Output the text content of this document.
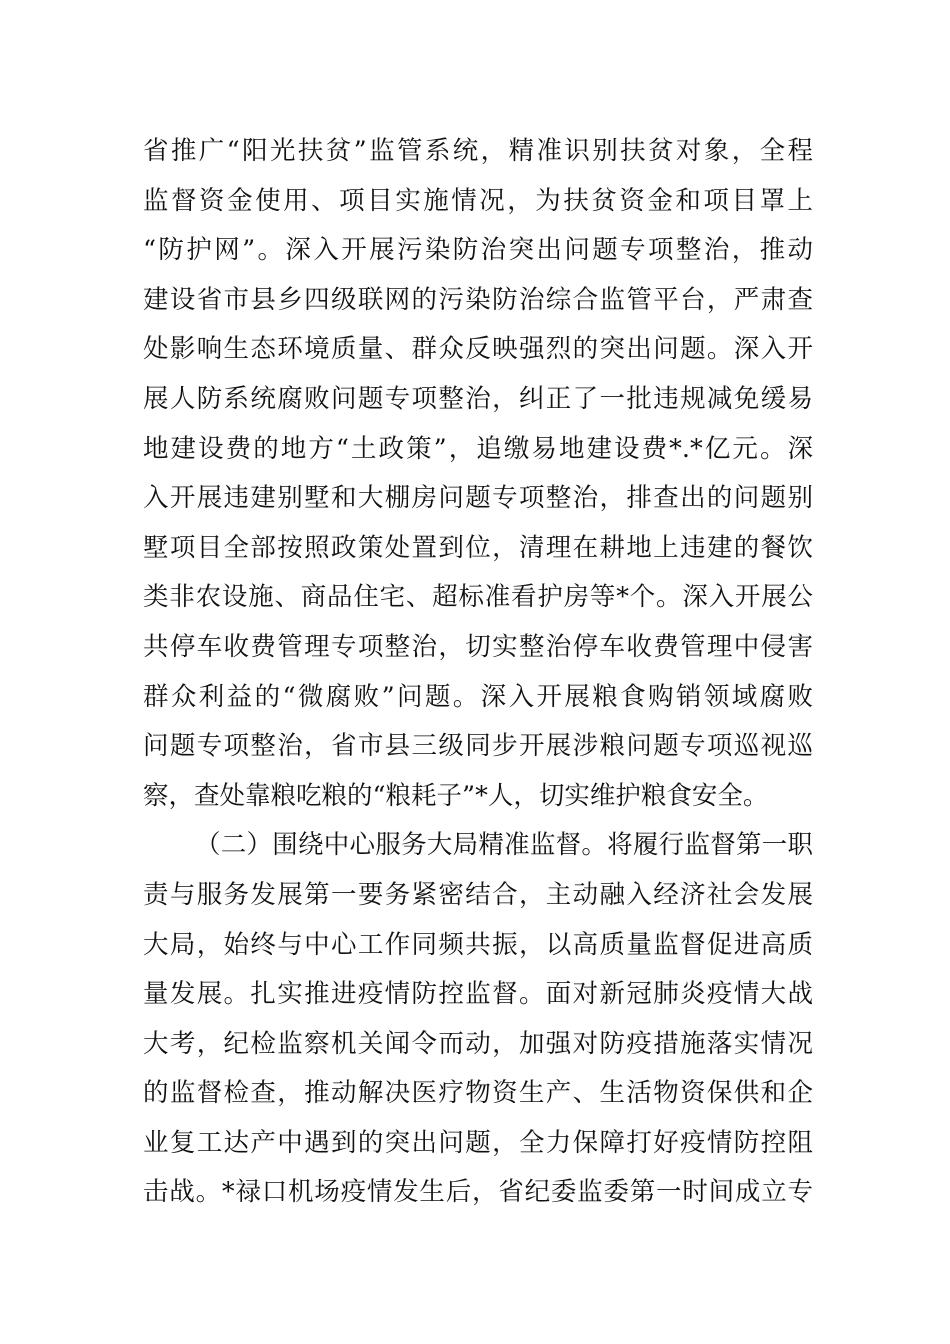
省推广“阳光扶贫”监管系统，精准识别扶贫对象，全程
监督资金使用、项目实施情况，为扶贫资金和项目罩上
“防护网”。深入开展污染防治突出问题专项整治，推动
建设省市县乡四级联网的污染防治综合监管平台，严肃查
处影响生态环境质量、群众反映强烈的突出问题。深入开
展人防系统腐败问题专项整治，纠正了一批违规减免缓易
地建设费的地方“土政策”，追缴易地建设费*.*亿元。深
入开展违建别墅和大棚房问题专项整治，排查出的问题别
墅项目全部按照政策处置到位，清理在耕地上违建的餐饮
类非农设施、商品住宅、超标准看护房等*个。深入开展公
共停车收费管理专项整治，切实整治停车收费管理中侵害
群众利益的“微腐败”问题。深入开展粮食购销领域腐败
问题专项整治，省市县三级同步开展涉粮问题专项巡视巡
察，查处靠粮吃粮的“粮耗子”*人，切实维护粮食安全。
（二）围绕中心服务大局精准监督。将履行监督第一职
责与服务发展第一要务紧密结合，主动融入经济社会发展
大局，始终与中心工作同频共振，以高质量监督促进高质
量发展。扎实推进疫情防控监督。面对新冠肺炎疫情大战
大考，纪检监察机关闻令而动，加强对防疫措施落实情况
的监督检查，推动解决医疗物资生产、生活物资保供和企
业复工达产中遇到的突出问题，全力保障打好疫情防控阻
击战。*禄口机场疫情发生后，省纪委监委第一时间成立专
